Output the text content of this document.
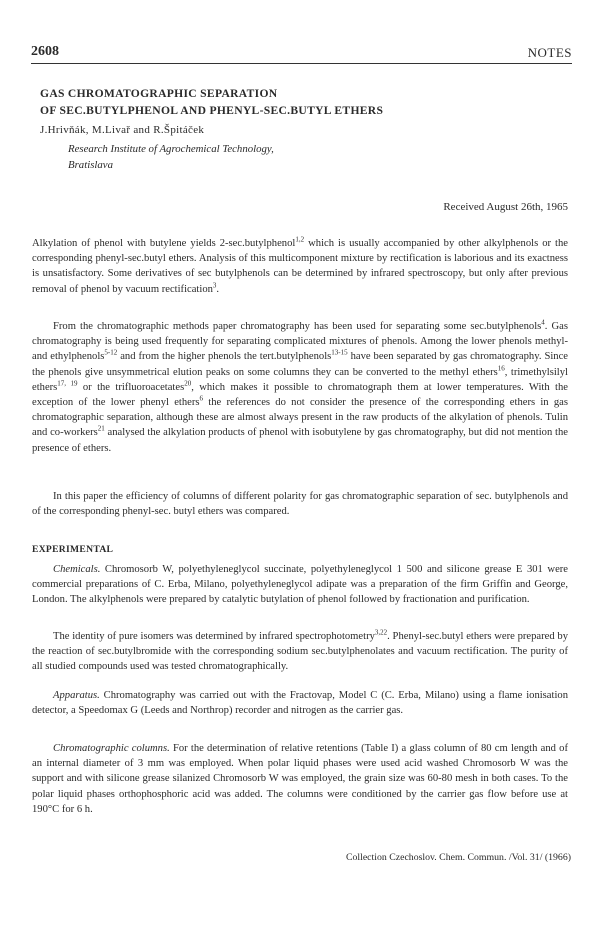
2608	NOTES
GAS CHROMATOGRAPHIC SEPARATION
OF SEC.BUTYLPHENOL AND PHENYL-SEC.BUTYL ETHERS
J.Hrivňák, M.Livař and R.Špitáček
Research Institute of Agrochemical Technology,
Bratislava
Received August 26th, 1965

Alkylation of phenol with butylene yields 2-sec.butylphenol$^{1,2}$ which is usually accompanied by other alkylphenols or the corresponding phenyl-sec.butyl ethers. Analysis of this multicomponent mixture by rectification is laborious and its exactness is unsatisfactory. Some derivatives of sec butylphenols can be determined by infrared spectroscopy, but only after previous removal of phenol by vacuum rectification$^3$.

From the chromatographic methods paper chromatography has been used for separating some sec.butylphenols$^4$. Gas chromatography is being used frequently for separating complicated mixtures of phenols. Among the lower phenols methyl- and ethylphenols$^{5-12}$ and from the higher phenols the tert.butylphenols$^{13-15}$ have been separated by gas chromatography. Since the phenols give unsymmetrical elution peaks on some columns they can be converted to the methyl ethers$^{16}$, trimethylsilyl ethers$^{17, 19}$ or the trifluoroacetates$^{20}$, which makes it possible to chromatograph them at lower temperatures. With the exception of the lower phenyl ethers$^6$ the references do not consider the presence of the corresponding ethers in gas chromatographic separation, although these are almost always present in the raw products of the alkylation of phenols. Tulin and co-workers$^{21}$ analysed the alkylation products of phenol with isobutylene by gas chromatography, but did not mention the presence of ethers.

In this paper the efficiency of columns of different polarity for gas chromatographic separation of sec. butylphenols and of the corresponding phenyl-sec. butyl ethers was compared.

EXPERIMENTAL

Chemicals. Chromosorb W, polyethyleneglycol succinate, polyethyleneglycol 1 500 and silicone grease E 301 were commercial preparations of C. Erba, Milano, polyethyleneglycol adipate was a preparation of the firm Griffin and George, London. The alkylphenols were prepared by catalytic butylation of phenol followed by fractionation and purification.

The identity of pure isomers was determined by infrared spectrophotometry$^{3,22}$. Phenyl-sec.butyl ethers were prepared by the reaction of sec.butylbromide with the corresponding sodium sec.butylphenolates and vacuum rectification. The purity of all studied compounds used was tested chromatographically.

Apparatus. Chromatography was carried out with the Fractovap, Model C (C. Erba, Milano) using a flame ionisation detector, a Speedomax G (Leeds and Northrop) recorder and nitrogen as the carrier gas.

Chromatographic columns. For the determination of relative retentions (Table I) a glass column of 80 cm length and of an internal diameter of 3 mm was employed. When polar liquid phases were used acid washed Chromosorb W was the support and with silicone grease silanized Chromosorb W was employed, the grain size was 60-80 mesh in both cases. To the polar liquid phases orthophosphoric acid was added. The columns were conditioned by the carrier gas flow before use at 190°C for 6 h.

Collection Czechoslov. Chem. Commun. /Vol. 31/ (1966)
